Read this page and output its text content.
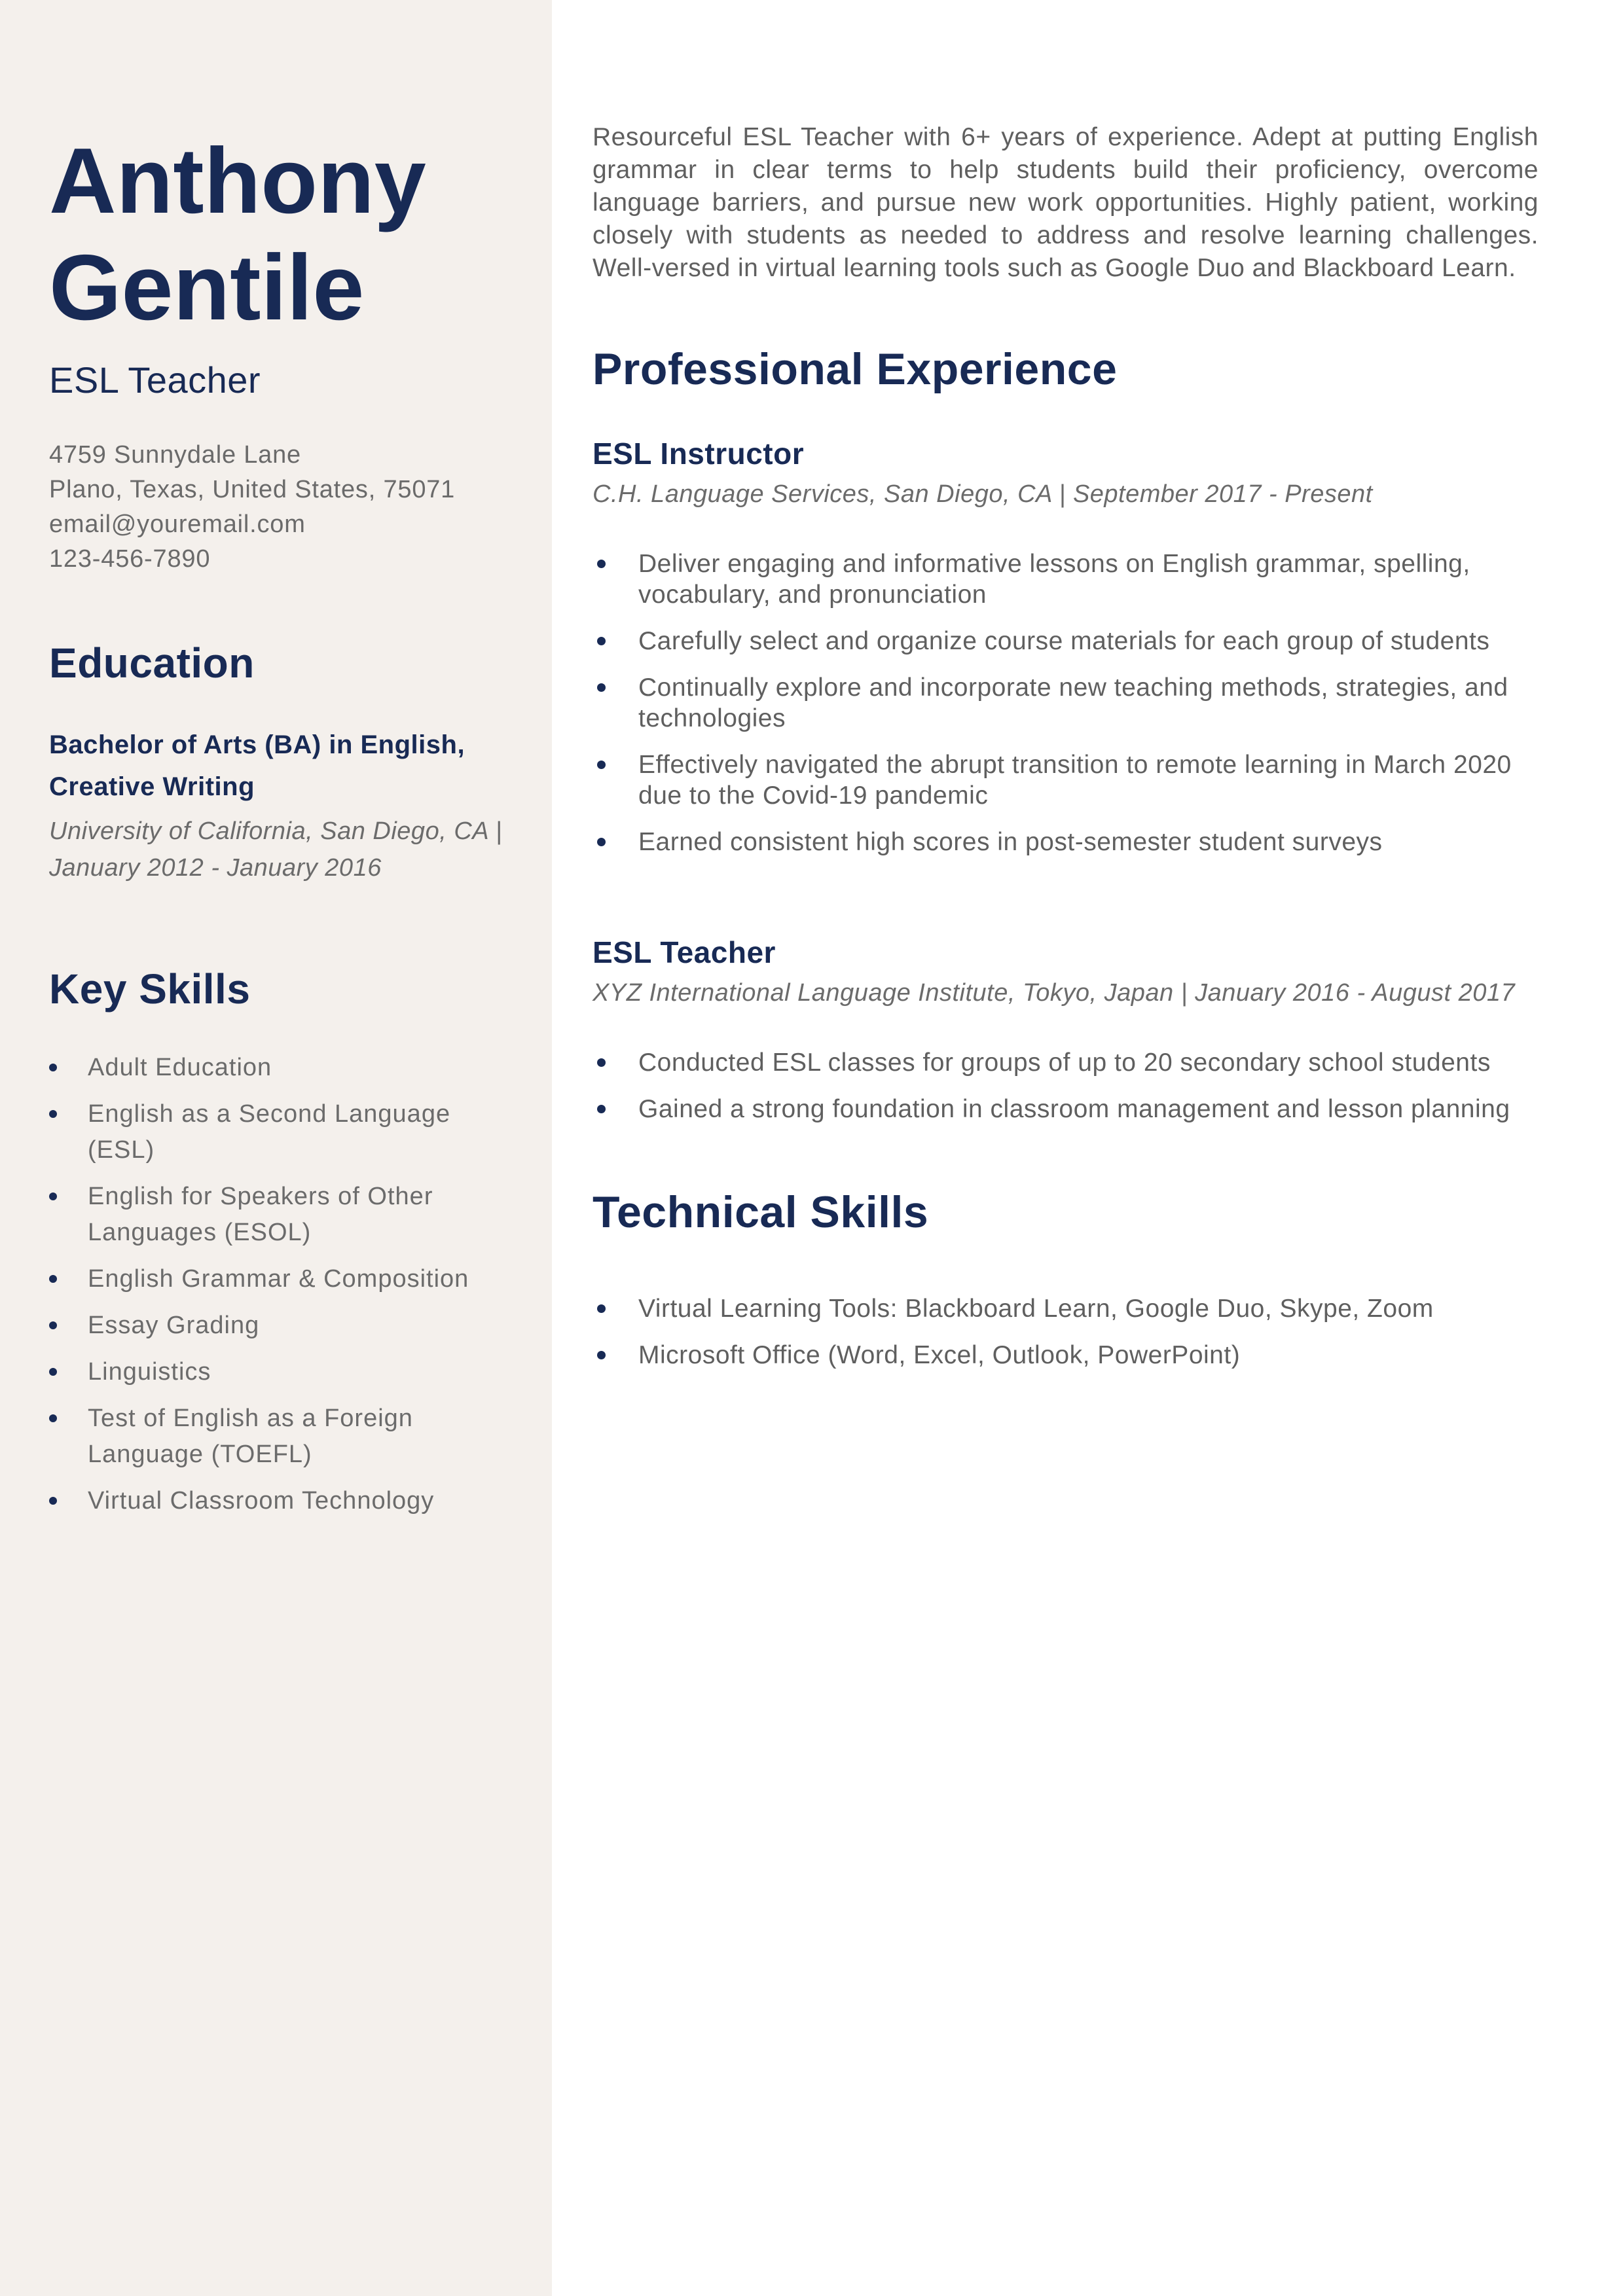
Anthony Gentile
ESL Teacher
4759 Sunnydale Lane
Plano, Texas, United States, 75071
email@youremail.com
123-456-7890
Education
Bachelor of Arts (BA) in English, Creative Writing
University of California, San Diego, CA | January 2012 - January 2016
Key Skills
Adult Education
English as a Second Language (ESL)
English for Speakers of Other Languages (ESOL)
English Grammar & Composition
Essay Grading
Linguistics
Test of English as a Foreign Language (TOEFL)
Virtual Classroom Technology

Resourceful ESL Teacher with 6+ years of experience. Adept at putting English grammar in clear terms to help students build their proficiency, overcome language barriers, and pursue new work opportunities. Highly patient, working closely with students as needed to address and resolve learning challenges. Well-versed in virtual learning tools such as Google Duo and Blackboard Learn.

Professional Experience
ESL Instructor
C.H. Language Services, San Diego, CA | September 2017 - Present
Deliver engaging and informative lessons on English grammar, spelling, vocabulary, and pronunciation
Carefully select and organize course materials for each group of students
Continually explore and incorporate new teaching methods, strategies, and technologies
Effectively navigated the abrupt transition to remote learning in March 2020 due to the Covid-19 pandemic
Earned consistent high scores in post-semester student surveys
ESL Teacher
XYZ International Language Institute, Tokyo, Japan | January 2016 - August 2017
Conducted ESL classes for groups of up to 20 secondary school students
Gained a strong foundation in classroom management and lesson planning
Technical Skills
Virtual Learning Tools: Blackboard Learn, Google Duo, Skype, Zoom
Microsoft Office (Word, Excel, Outlook, PowerPoint)
